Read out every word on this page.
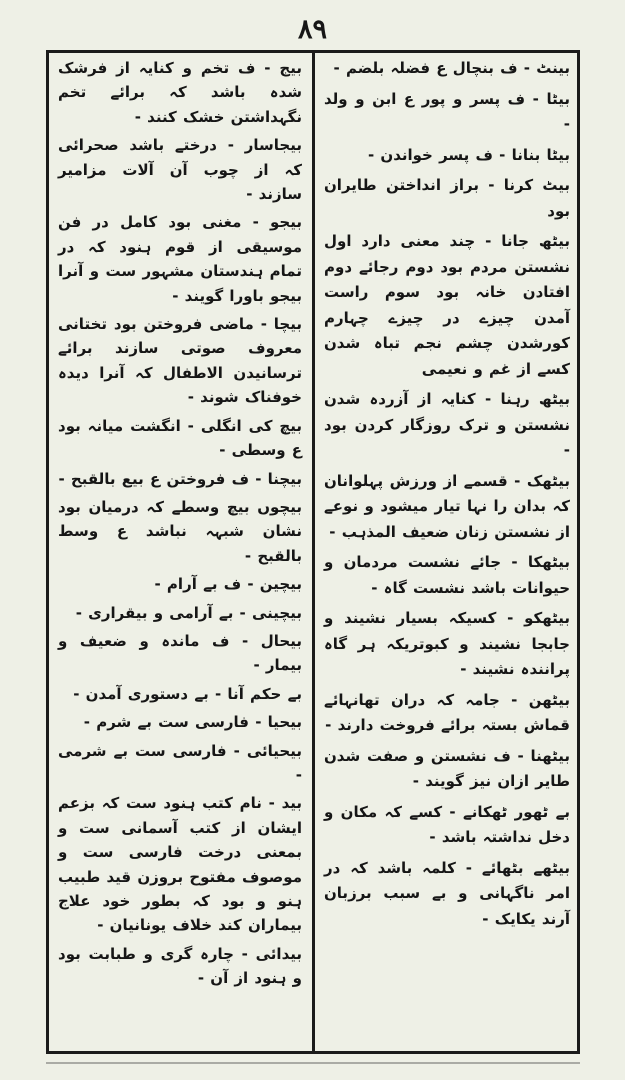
۸۹

بینٹ - ف بنچال ع فضلہ بلضم -

بیٹا - ف پسر و پور ع ابن و ولد -

بیٹا بنانا - ف پسر خواندن -

بیٹ کرنا - براز انداختن طایران بود

بیٹھ جانا - چند معنی دارد اول نشستن مردم بود دوم رجائے دوم افتادن خانہ بود سوم راست آمدن چیزے در چیزے چہارم کورشدن چشم نجم تباہ شدن کسے از غم و نعیمی

بیٹھ رہنا - کنایہ از آزردہ شدن نشستن و ترک روزگار کردن بود -

بیٹھک - قسمے از ورزش پہلوانان کہ بدان را نہا تیار میشود و نوعے از نشستن زنان ضعیف المذہب -

بیٹھکا - جائے نشست مردمان و حیوانات باشد نشست گاہ -

بیٹھکو - کسیکہ بسیار نشیند و جابجا نشیند و کبوتریکہ ہر گاہ پرانندہ نشیند -

بیٹھن - جامہ کہ دران تھانہائے قماش بستہ برائے فروخت دارند -

بیٹھنا - ف نشستن و صفت شدن طایر ازان نیز گویند -

بے ٹھور ٹھکانے - کسے کہ مکان و دخل نداشتہ باشد -

بیٹھے بٹھائے - کلمہ باشد کہ در امر ناگہانی و بے سبب برزبان آرند یکایک -

بیج - ف تخم و کنایہ از فرشک شدہ باشد کہ برائے تخم نگہداشتن خشک کنند -

بیجاسار - درختے باشد صحرائی کہ از چوب آن آلات مزامیر سازند -

بیجو - مغنی بود کامل در فن موسیقی از قوم ہنود کہ در تمام ہندستان مشہور ست و آنرا بیجو باورا گویند -

بیچا - ماضی فروختن بود تختانی معروف صوتی سازند برائے ترسانیدن الاطفال کہ آنرا دیدہ خوفناک شوند -

بیچ کی انگلی - انگشت میانہ بود ع وسطی -

بیچنا - ف فروختن ع بیع بالقبح -

بیچوں بیچ وسطے کہ درمیان بود نشان شبہہ نباشد ع وسط بالقبح -

بیچین - ف بے آرام -

بیچینی - بے آرامی و بیقراری -

بیحال - ف ماندہ و ضعیف و بیمار -

بے حکم آنا - بے دستوری آمدن -

بیحیا - فارسی ست بے شرم -

بیحیائی - فارسی ست بے شرمی -

بید - نام کتب ہنود ست کہ بزعم ایشان از کتب آسمانی ست و بمعنی درخت فارسی ست و موصوف مفتوح بروزن قید طبیب ہنو و بود کہ بطور خود علاج بیماران کند خلاف یونانیان -

بیدائی - چارہ گری و طبابت بود و ہنود از آن -
